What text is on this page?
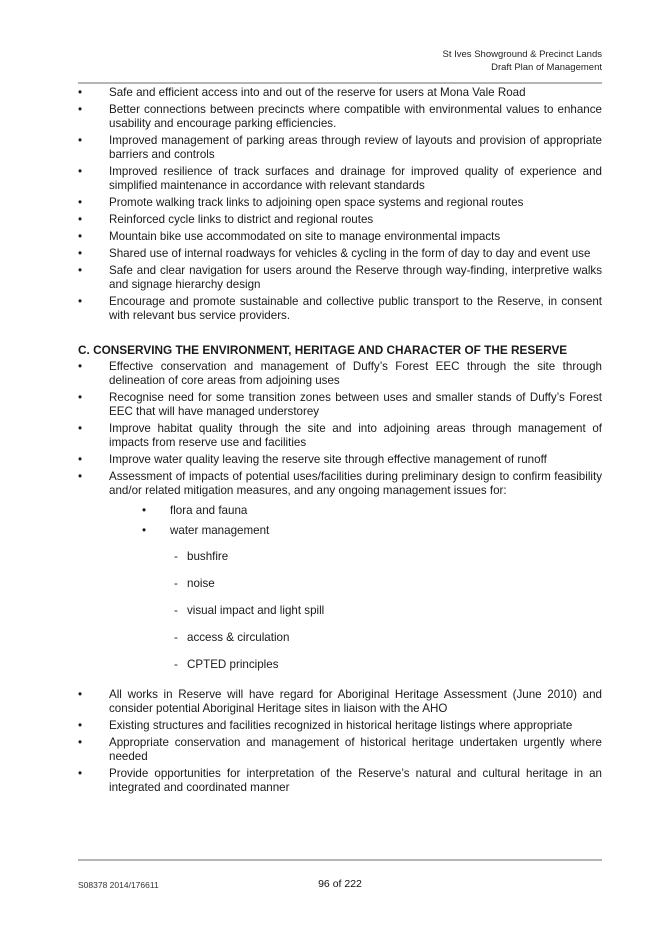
St Ives Showground & Precinct Lands
Draft Plan of Management
• Safe and efficient access into and out of the reserve for users at Mona Vale Road
• Better connections between precincts where compatible with environmental values to enhance usability and encourage parking efficiencies.
• Improved management of parking areas through review of layouts and provision of appropriate barriers and controls
• Improved resilience of track surfaces and drainage for improved quality of experience and simplified maintenance in accordance with relevant standards
• Promote walking track links to adjoining open space systems and regional routes
• Reinforced cycle links to district and regional routes
• Mountain bike use accommodated on site to manage environmental impacts
• Shared use of internal roadways for vehicles & cycling in the form of day to day and event use
• Safe and clear navigation for users around the Reserve through way-finding, interpretive walks and signage hierarchy design
• Encourage and promote sustainable and collective public transport to the Reserve, in consent with relevant bus service providers.
C. CONSERVING THE ENVIRONMENT, HERITAGE AND CHARACTER OF THE RESERVE
• Effective conservation and management of Duffy’s Forest EEC through the site through delineation of core areas from adjoining uses
• Recognise need for some transition zones between uses and smaller stands of Duffy’s Forest EEC that will have managed understorey
• Improve habitat quality through the site and into adjoining areas through management of impacts from reserve use and facilities
• Improve water quality leaving the reserve site through effective management of runoff
• Assessment of impacts of potential uses/facilities during preliminary design to confirm feasibility and/or related mitigation measures, and any ongoing management issues for:
• flora and fauna
• water management
- bushfire
- noise
- visual impact and light spill
- access & circulation
- CPTED principles
• All works in Reserve will have regard for Aboriginal Heritage Assessment (June 2010) and consider potential Aboriginal Heritage sites in liaison with the AHO
• Existing structures and facilities recognized in historical heritage listings where appropriate
• Appropriate conservation and management of historical heritage undertaken urgently where needed
• Provide opportunities for interpretation of the Reserve’s natural and cultural heritage in an integrated and coordinated manner
S08378 2014/176611	96 of 222
